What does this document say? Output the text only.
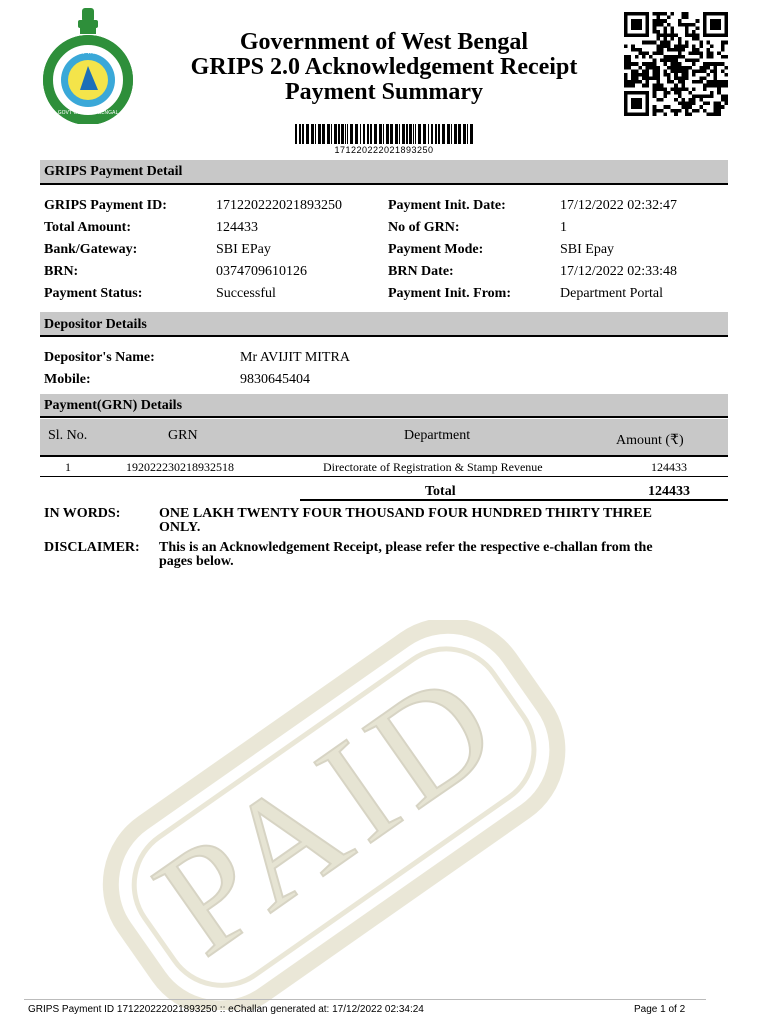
PAID
বিশ্ব বাংলা
GOVT OF WEST BENGAL
Government of West Bengal
GRIPS 2.0 Acknowledgement Receipt
Payment Summary
171220222021893250
GRIPS Payment Detail
GRIPS Payment ID:	171220222021893250
Total Amount:	124433
Bank/Gateway:	SBI EPay
BRN:	0374709610126
Payment Status:	Successful
Payment Init. Date:	17/12/2022 02:32:47
No of GRN:	1
Payment Mode:	SBI Epay
BRN Date:	17/12/2022 02:33:48
Payment Init. From:	Department Portal
Depositor Details
Depositor's Name:	Mr AVIJIT MITRA
Mobile:	9830645404
Payment(GRN) Details
Sl. No.	GRN	Department	Amount (₹)
1	192022230218932518	Directorate of Registration & Stamp Revenue	124433
Total	124433
IN WORDS:	ONE LAKH TWENTY FOUR THOUSAND FOUR HUNDRED THIRTY THREE
ONLY.
DISCLAIMER: This is an Acknowledgement Receipt, please refer the respective e-challan from the
pages below.
GRIPS Payment ID 171220222021893250 :: eChallan generated at: 17/12/2022 02:34:24	Page 1 of 2
